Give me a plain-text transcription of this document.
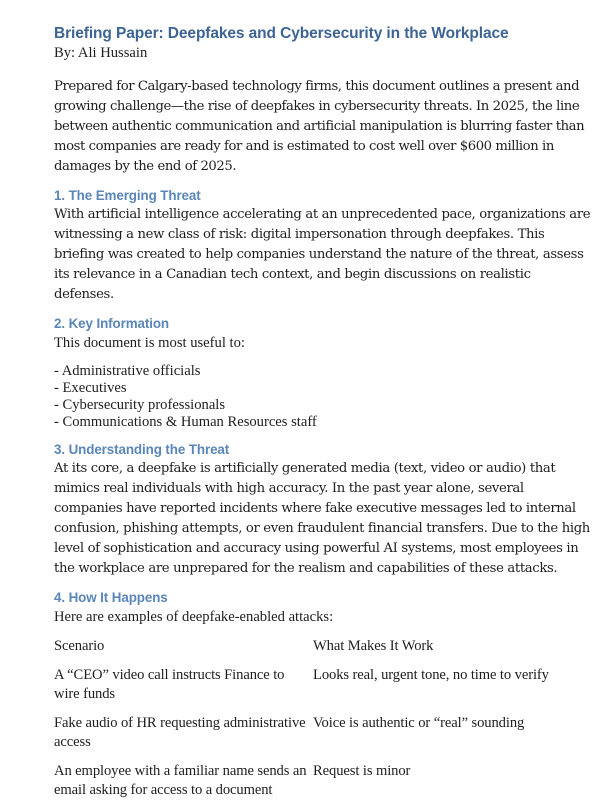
Briefing Paper: Deepfakes and Cybersecurity in the Workplace

By: Ali Hussain

Prepared for Calgary-based technology firms, this document outlines a present and growing challenge—the rise of deepfakes in cybersecurity threats. In 2025, the line between authentic communication and artificial manipulation is blurring faster than most companies are ready for and is estimated to cost well over $600 million in damages by the end of 2025.

1. The Emerging Threat

With artificial intelligence accelerating at an unprecedented pace, organizations are witnessing a new class of risk: digital impersonation through deepfakes. This briefing was created to help companies understand the nature of the threat, assess its relevance in a Canadian tech context, and begin discussions on realistic defenses.

2. Key Information

This document is most useful to:

- Administrative officials
- Executives
- Cybersecurity professionals
- Communications & Human Resources staff
3. Understanding the Threat

At its core, a deepfake is artificially generated media (text, video or audio) that mimics real individuals with high accuracy. In the past year alone, several companies have reported incidents where fake executive messages led to internal confusion, phishing attempts, or even fraudulent financial transfers. Due to the high level of sophistication and accuracy using powerful AI systems, most employees in the workplace are unprepared for the realism and capabilities of these attacks.

4. How It Happens

Here are examples of deepfake-enabled attacks:

Scenario	What Makes It Work
A “CEO” video call instructs Finance to wire funds	Looks real, urgent tone, no time to verify
Fake audio of HR requesting administrative access	Voice is authentic or “real” sounding
An employee with a familiar name sends an email asking for access to a document	Request is minor
